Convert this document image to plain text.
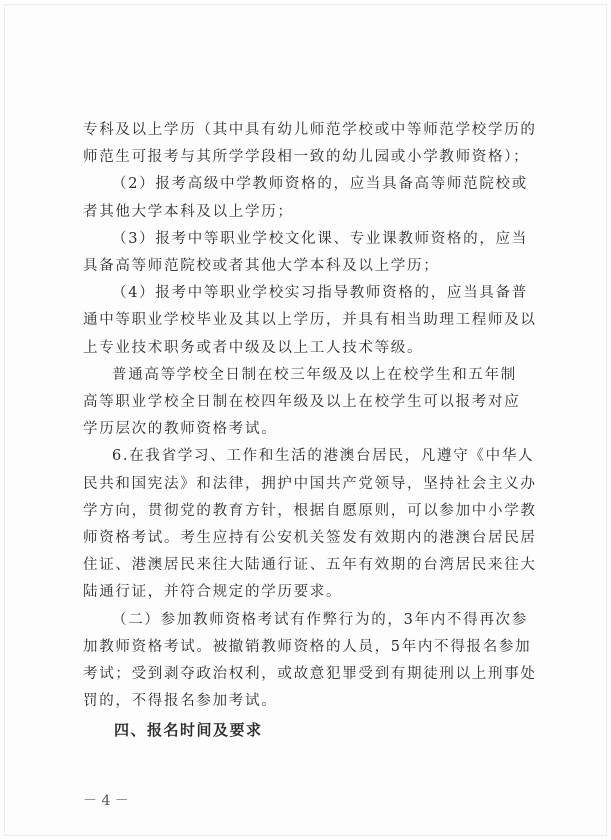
专科及以上学历（其中具有幼儿师范学校或中等师范学校学历的
师范生可报考与其所学学段相一致的幼儿园或小学教师资格）；
（2）报考高级中学教师资格的，应当具备高等师范院校或
者其他大学本科及以上学历；
（3）报考中等职业学校文化课、专业课教师资格的，应当
具备高等师范院校或者其他大学本科及以上学历；
（4）报考中等职业学校实习指导教师资格的，应当具备普
通中等职业学校毕业及其以上学历，并具有相当助理工程师及以
上专业技术职务或者中级及以上工人技术等级。
普通高等学校全日制在校三年级及以上在校学生和五年制
高等职业学校全日制在校四年级及以上在校学生可以报考对应
学历层次的教师资格考试。
6.在我省学习、工作和生活的港澳台居民，凡遵守《中华人
民共和国宪法》和法律，拥护中国共产党领导，坚持社会主义办
学方向，贯彻党的教育方针，根据自愿原则，可以参加中小学教
师资格考试。考生应持有公安机关签发有效期内的港澳台居民居
住证、港澳居民来往大陆通行证、五年有效期的台湾居民来往大
陆通行证，并符合规定的学历要求。
（二）参加教师资格考试有作弊行为的，3年内不得再次参
加教师资格考试。被撤销教师资格的人员，5年内不得报名参加
考试；受到剥夺政治权利，或故意犯罪受到有期徒刑以上刑事处
罚的，不得报名参加考试。
四、报名时间及要求
－ 4 －
